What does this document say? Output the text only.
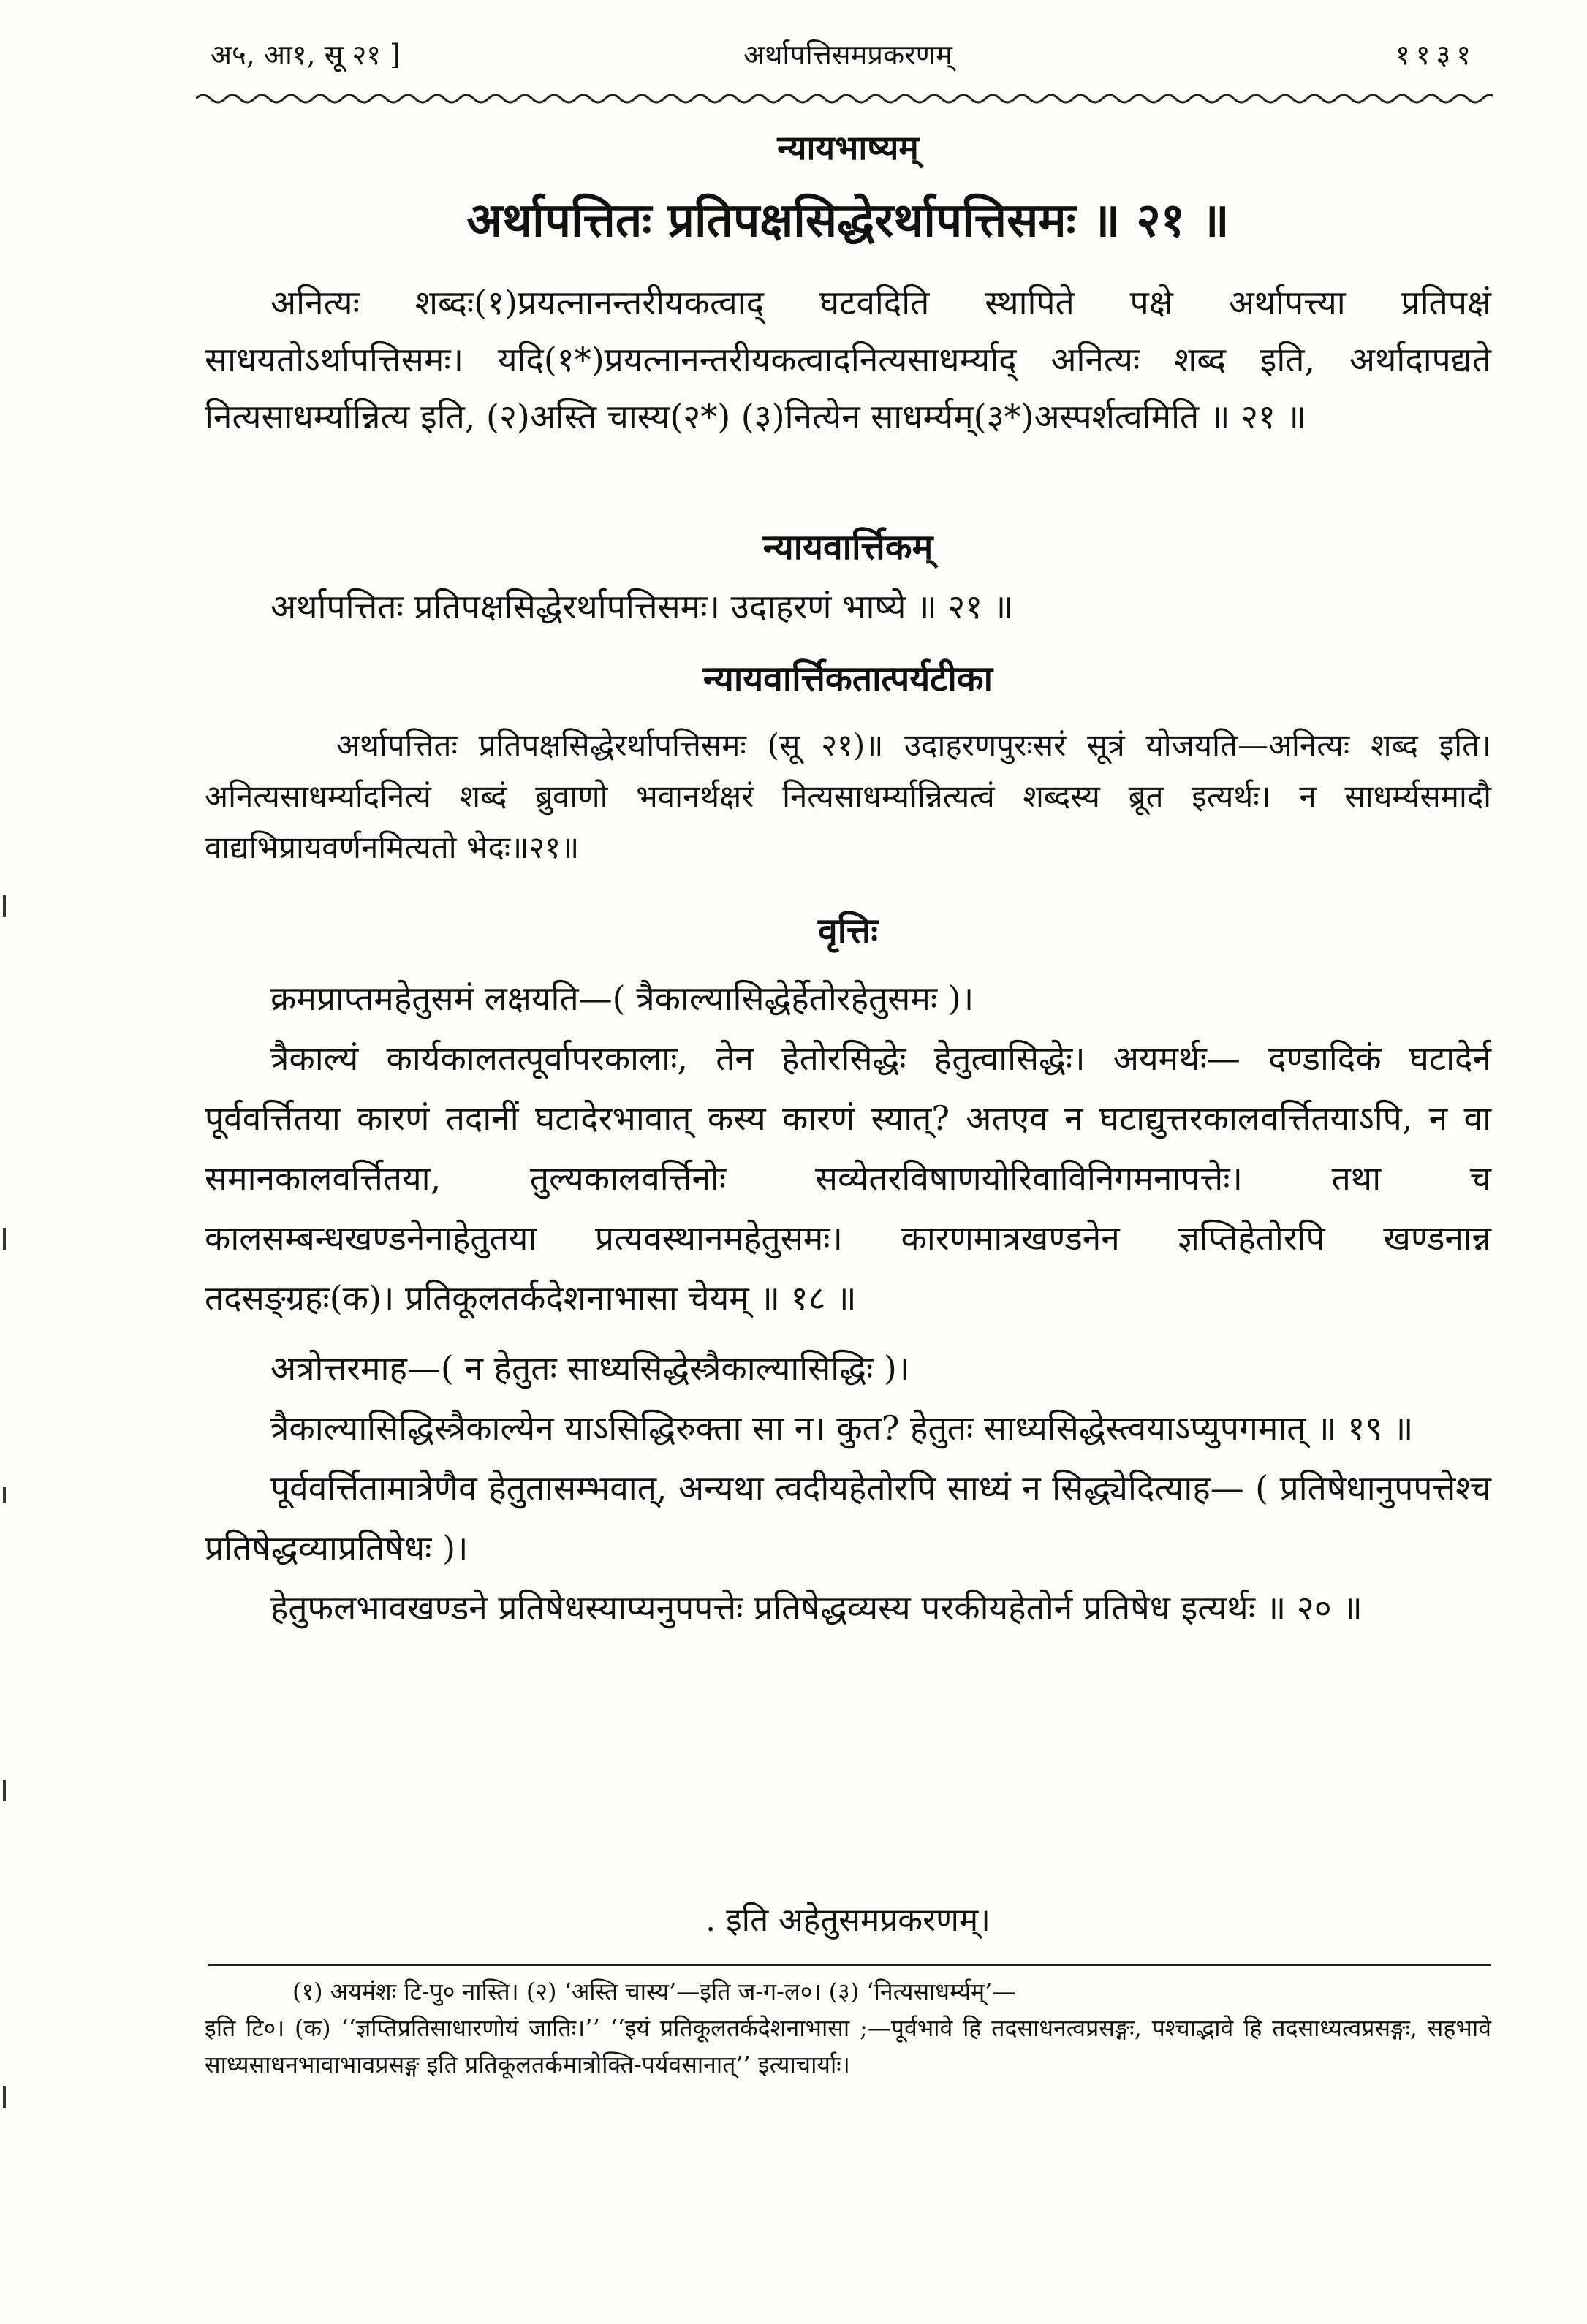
अ५, आ१, सू २१ ]	अर्थापत्तिसमप्रकरणम्	११३१
न्यायभाष्यम्
अर्थापत्तितः प्रतिपक्षसिद्धेरर्थापत्तिसमः ॥ २१ ॥

अनित्यः शब्दः(१)प्रयत्नानन्तरीयकत्वाद् घटवदिति स्थापिते पक्षे अर्थापत्त्या प्रतिपक्षं साधयतोऽर्थापत्तिसमः। यदि(१*)प्रयत्नानन्तरीयकत्वादनित्यसाधर्म्याद् अनित्यः शब्द इति, अर्थादापद्यते नित्यसाधर्म्यान्नित्य इति, (२)अस्ति चास्य(२*) (३)नित्येन साधर्म्यम्(३*)अस्पर्शत्वमिति ॥ २१ ॥

न्यायवार्त्तिकम्

अर्थापत्तितः प्रतिपक्षसिद्धेरर्थापत्तिसमः। उदाहरणं भाष्ये ॥ २१ ॥

न्यायवार्त्तिकतात्पर्यटीका

अर्थापत्तितः प्रतिपक्षसिद्धेरर्थापत्तिसमः (सू २१)॥ उदाहरणपुरःसरं सूत्रं योजयति—अनित्यः शब्द इति। अनित्यसाधर्म्यादनित्यं शब्दं ब्रुवाणो भवानर्थक्षरं नित्यसाधर्म्यान्नित्यत्वं शब्दस्य ब्रूत इत्यर्थः। न साधर्म्यसमादौ वाद्यभिप्रायवर्णनमित्यतो भेदः॥२१॥

वृत्तिः

क्रमप्राप्तमहेतुसमं लक्षयति—( त्रैकाल्यासिद्धेर्हेतोरहेतुसमः )।

त्रैकाल्यं कार्यकालतत्पूर्वापरकालाः, तेन हेतोरसिद्धेः हेतुत्वासिद्धेः। अयमर्थः— दण्डादिकं घटादेर्न पूर्ववर्त्तितया कारणं तदानीं घटादेरभावात् कस्य कारणं स्यात्? अतएव न घटाद्युत्तरकालवर्त्तितयाऽपि, न वा समानकालवर्त्तितया, तुल्यकालवर्त्तिनोः सव्येतरविषाणयोरिवाविनिगमनापत्तेः। तथा च कालसम्बन्धखण्डनेनाहेतुतया प्रत्यवस्थानमहेतुसमः। कारणमात्रखण्डनेन ज्ञप्तिहेतोरपि खण्डनान्न तदसङ्ग्रहः(क)। प्रतिकूलतर्कदेशनाभासा चेयम् ॥ १८ ॥

अत्रोत्तरमाह—( न हेतुतः साध्यसिद्धेस्त्रैकाल्यासिद्धिः )।

त्रैकाल्यासिद्धिस्त्रैकाल्येन याऽसिद्धिरुक्ता सा न। कुत? हेतुतः साध्यसिद्धेस्त्वयाऽप्युपगमात् ॥ १९ ॥

पूर्ववर्त्तितामात्रेणैव हेतुतासम्भवात्, अन्यथा त्वदीयहेतोरपि साध्यं न सिद्ध्येदित्याह— ( प्रतिषेधानुपपत्तेश्च प्रतिषेद्धव्याप्रतिषेधः )।

हेतुफलभावखण्डने प्रतिषेधस्याप्यनुपपत्तेः प्रतिषेद्धव्यस्य परकीयहेतोर्न प्रतिषेध इत्यर्थः ॥ २० ॥

. इति अहेतुसमप्रकरणम्।
(१) अयमंशः टि-पु० नास्ति। (२) ‘अस्ति चास्य’—इति ज-ग-ल०। (३) ‘नित्यसाधर्म्यम्’—
इति टि०। (क) ‘‘ज्ञप्तिप्रतिसाधारणोयं जातिः।’’ ‘‘इयं प्रतिकूलतर्कदेशनाभासा ;—पूर्वभावे हि तदसाधनत्वप्रसङ्गः, पश्चाद्भावे हि तदसाध्यत्वप्रसङ्गः, सहभावे साध्यसाधनभावाभावप्रसङ्ग इति प्रतिकूलतर्कमात्रोक्ति-पर्यवसानात्’’ इत्याचार्याः।
